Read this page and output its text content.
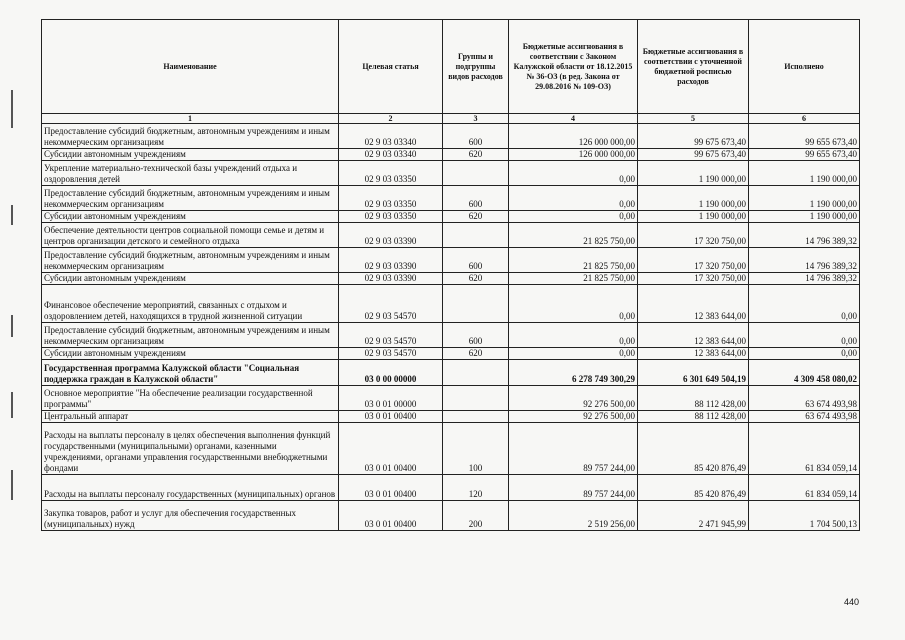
Наименование	Целевая статья	Группы и подгруппы видов расходов	Бюджетные ассигнования в соответствии с Законом Калужской области от 18.12.2015 № 36-ОЗ (в ред. Закона от 29.08.2016 № 109-ОЗ)	Бюджетные ассигнования в соответствии с уточненной бюджетной росписью расходов	Исполнено
1	2	3	4	5	6
Предоставление субсидий бюджетным, автономным учреждениям и иным некоммерческим организациям	02 9 03 03340	600	126 000 000,00	99 675 673,40	99 655 673,40
Субсидии автономным учреждениям	02 9 03 03340	620	126 000 000,00	99 675 673,40	99 655 673,40
Укрепление материально-технической базы учреждений отдыха и оздоровления детей	02 9 03 03350		0,00	1 190 000,00	1 190 000,00
Предоставление субсидий бюджетным, автономным учреждениям и иным некоммерческим организациям	02 9 03 03350	600	0,00	1 190 000,00	1 190 000,00
Субсидии автономным учреждениям	02 9 03 03350	620	0,00	1 190 000,00	1 190 000,00
Обеспечение деятельности центров социальной помощи семье и детям и центров организации детского и семейного отдыха	02 9 03 03390		21 825 750,00	17 320 750,00	14 796 389,32
Предоставление субсидий бюджетным, автономным учреждениям и иным некоммерческим организациям	02 9 03 03390	600	21 825 750,00	17 320 750,00	14 796 389,32
Субсидии автономным учреждениям	02 9 03 03390	620	21 825 750,00	17 320 750,00	14 796 389,32
Финансовое обеспечение мероприятий, связанных с отдыхом и оздоровлением детей, находящихся в трудной жизненной ситуации	02 9 03 54570		0,00	12 383 644,00	0,00
Предоставление субсидий бюджетным, автономным учреждениям и иным некоммерческим организациям	02 9 03 54570	600	0,00	12 383 644,00	0,00
Субсидии автономным учреждениям	02 9 03 54570	620	0,00	12 383 644,00	0,00
Государственная программа Калужской области "Социальная поддержка граждан в Калужской области"	03 0 00 00000		6 278 749 300,29	6 301 649 504,19	4 309 458 080,02
Основное мероприятие "На обеспечение реализации государственной программы"	03 0 01 00000		92 276 500,00	88 112 428,00	63 674 493,98
Центральный аппарат	03 0 01 00400		92 276 500,00	88 112 428,00	63 674 493,98
Расходы на выплаты персоналу в целях обеспечения выполнения функций государственными (муниципальными) органами, казенными учреждениями, органами управления государственными внебюджетными фондами	03 0 01 00400	100	89 757 244,00	85 420 876,49	61 834 059,14
Расходы на выплаты персоналу государственных (муниципальных) органов	03 0 01 00400	120	89 757 244,00	85 420 876,49	61 834 059,14
Закупка товаров, работ и услуг для обеспечения государственных (муниципальных) нужд	03 0 01 00400	200	2 519 256,00	2 471 945,99	1 704 500,13
440
